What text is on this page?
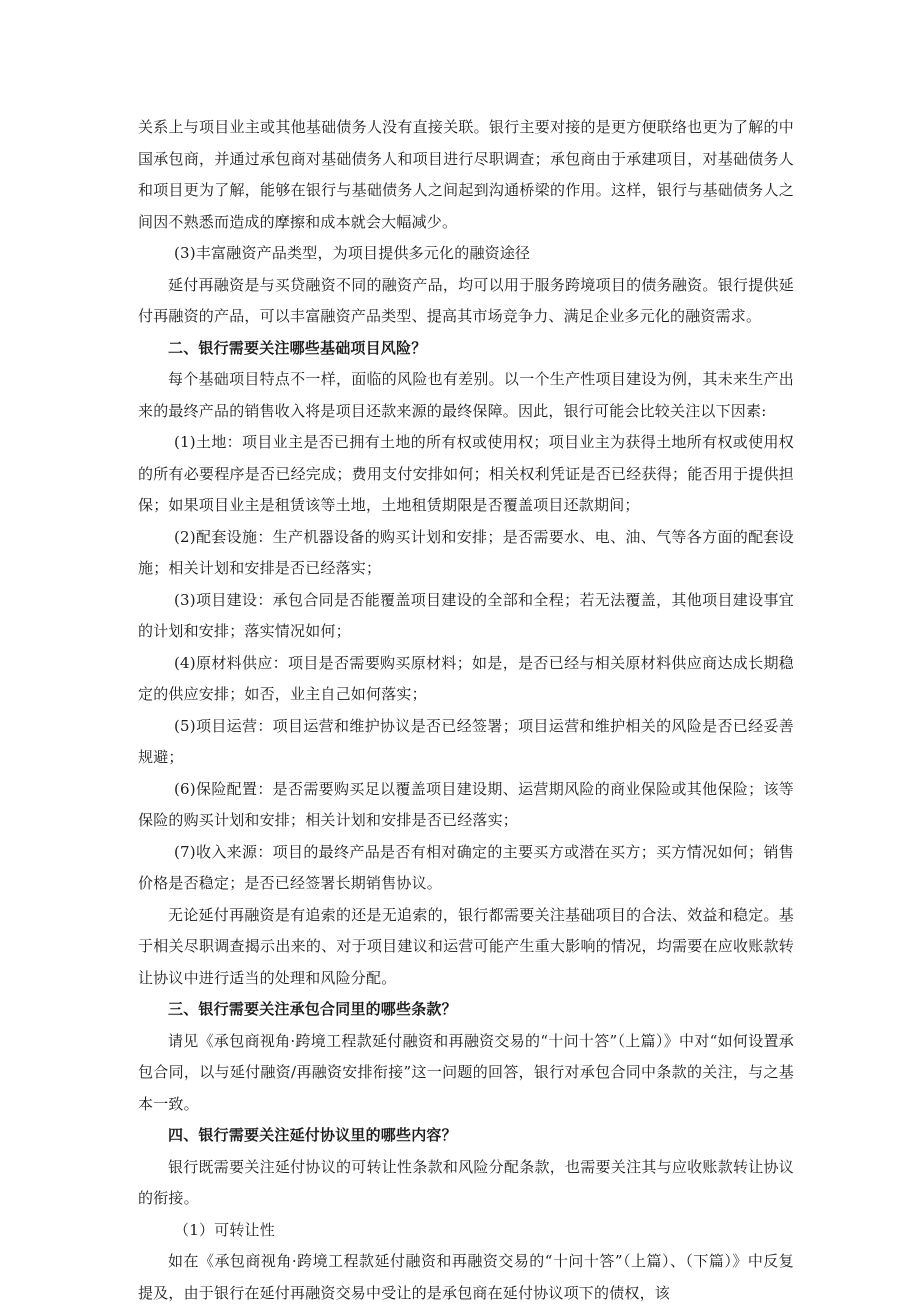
关系上与项目业主或其他基础债务人没有直接关联。银行主要对接的是更方便联络也更为了解的中国承包商，并通过承包商对基础债务人和项目进行尽职调查；承包商由于承建项目，对基础债务人和项目更为了解，能够在银行与基础债务人之间起到沟通桥梁的作用。这样，银行与基础债务人之间因不熟悉而造成的摩擦和成本就会大幅减少。

(3)丰富融资产品类型，为项目提供多元化的融资途径

延付再融资是与买贷融资不同的融资产品，均可以用于服务跨境项目的债务融资。银行提供延付再融资的产品，可以丰富融资产品类型、提高其市场竞争力、满足企业多元化的融资需求。

二、银行需要关注哪些基础项目风险？

每个基础项目特点不一样，面临的风险也有差别。以一个生产性项目建设为例，其未来生产出来的最终产品的销售收入将是项目还款来源的最终保障。因此，银行可能会比较关注以下因素:

(1)土地：项目业主是否已拥有土地的所有权或使用权；项目业主为获得土地所有权或使用权的所有必要程序是否已经完成；费用支付安排如何；相关权利凭证是否已经获得；能否用于提供担保；如果项目业主是租赁该等土地，土地租赁期限是否覆盖项目还款期间；

(2)配套设施：生产机器设备的购买计划和安排；是否需要水、电、油、气等各方面的配套设施；相关计划和安排是否已经落实；

(3)项目建设：承包合同是否能覆盖项目建设的全部和全程；若无法覆盖，其他项目建设事宜的计划和安排；落实情况如何；

(4)原材料供应：项目是否需要购买原材料；如是，是否已经与相关原材料供应商达成长期稳定的供应安排；如否，业主自己如何落实；

(5)项目运营：项目运营和维护协议是否已经签署；项目运营和维护相关的风险是否已经妥善规避；

(6)保险配置：是否需要购买足以覆盖项目建设期、运营期风险的商业保险或其他保险；该等保险的购买计划和安排；相关计划和安排是否已经落实；

(7)收入来源：项目的最终产品是否有相对确定的主要买方或潜在买方；买方情况如何；销售价格是否稳定；是否已经签署长期销售协议。

无论延付再融资是有追索的还是无追索的，银行都需要关注基础项目的合法、效益和稳定。基于相关尽职调查揭示出来的、对于项目建议和运营可能产生重大影响的情况，均需要在应收账款转让协议中进行适当的处理和风险分配。

三、银行需要关注承包合同里的哪些条款？

请见《承包商视角·跨境工程款延付融资和再融资交易的“十问十答”（上篇）》中对“如何设置承包合同，以与延付融资/再融资安排衔接”这一问题的回答，银行对承包合同中条款的关注，与之基本一致。

四、银行需要关注延付协议里的哪些内容？

银行既需要关注延付协议的可转让性条款和风险分配条款，也需要关注其与应收账款转让协议的衔接。

（1）可转让性

如在《承包商视角·跨境工程款延付融资和再融资交易的“十问十答”（上篇）、（下篇）》中反复提及，由于银行在延付再融资交易中受让的是承包商在延付协议项下的债权，该
